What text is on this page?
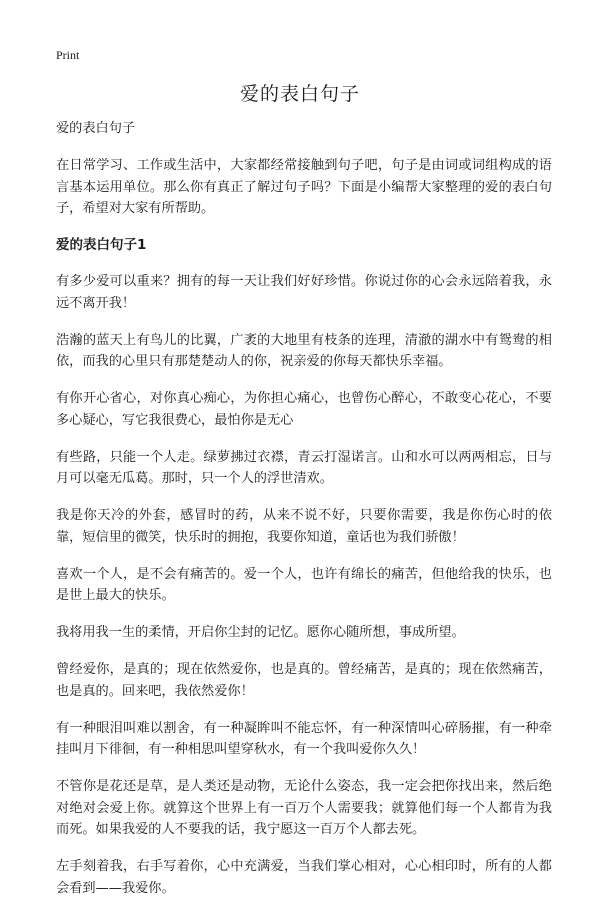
Print
爱的表白句子

爱的表白句子

在日常学习、工作或生活中，大家都经常接触到句子吧，句子是由词或词组构成的语言基本运用单位。那么你有真正了解过句子吗？下面是小编帮大家整理的爱的表白句子，希望对大家有所帮助。

爱的表白句子1

有多少爱可以重来？拥有的每一天让我们好好珍惜。你说过你的心会永远陪着我，永远不离开我！

浩瀚的蓝天上有鸟儿的比翼，广袤的大地里有枝条的连理，清澈的湖水中有鸳鸯的相依，而我的心里只有那楚楚动人的你，祝亲爱的你每天都快乐幸福。

有你开心省心，对你真心痴心，为你担心痛心，也曾伤心醉心，不敢变心花心，不要多心疑心，写它我很费心，最怕你是无心

有些路，只能一个人走。绿萝拂过衣襟，青云打湿诺言。山和水可以两两相忘，日与月可以毫无瓜葛。那时，只一个人的浮世清欢。

我是你天冷的外套，感冒时的药，从来不说不好，只要你需要，我是你伤心时的依靠，短信里的微笑，快乐时的拥抱，我要你知道，童话也为我们骄傲！

喜欢一个人，是不会有痛苦的。爱一个人，也许有绵长的痛苦，但他给我的快乐，也是世上最大的快乐。

我将用我一生的柔情，开启你尘封的记忆。愿你心随所想，事成所望。

曾经爱你，是真的；现在依然爱你，也是真的。曾经痛苦，是真的；现在依然痛苦，也是真的。回来吧，我依然爱你！

有一种眼泪叫难以割舍，有一种凝眸叫不能忘怀，有一种深情叫心碎肠摧，有一种牵挂叫月下徘徊，有一种相思叫望穿秋水，有一个我叫爱你久久！

不管你是花还是草，是人类还是动物，无论什么姿态，我一定会把你找出来，然后绝对绝对会爱上你。就算这个世界上有一百万个人需要我；就算他们每一个人都肯为我而死。如果我爱的人不要我的话，我宁愿这一百万个人都去死。

左手刻着我，右手写着你，心中充满爱，当我们掌心相对，心心相印时，所有的人都会看到——我爱你。
